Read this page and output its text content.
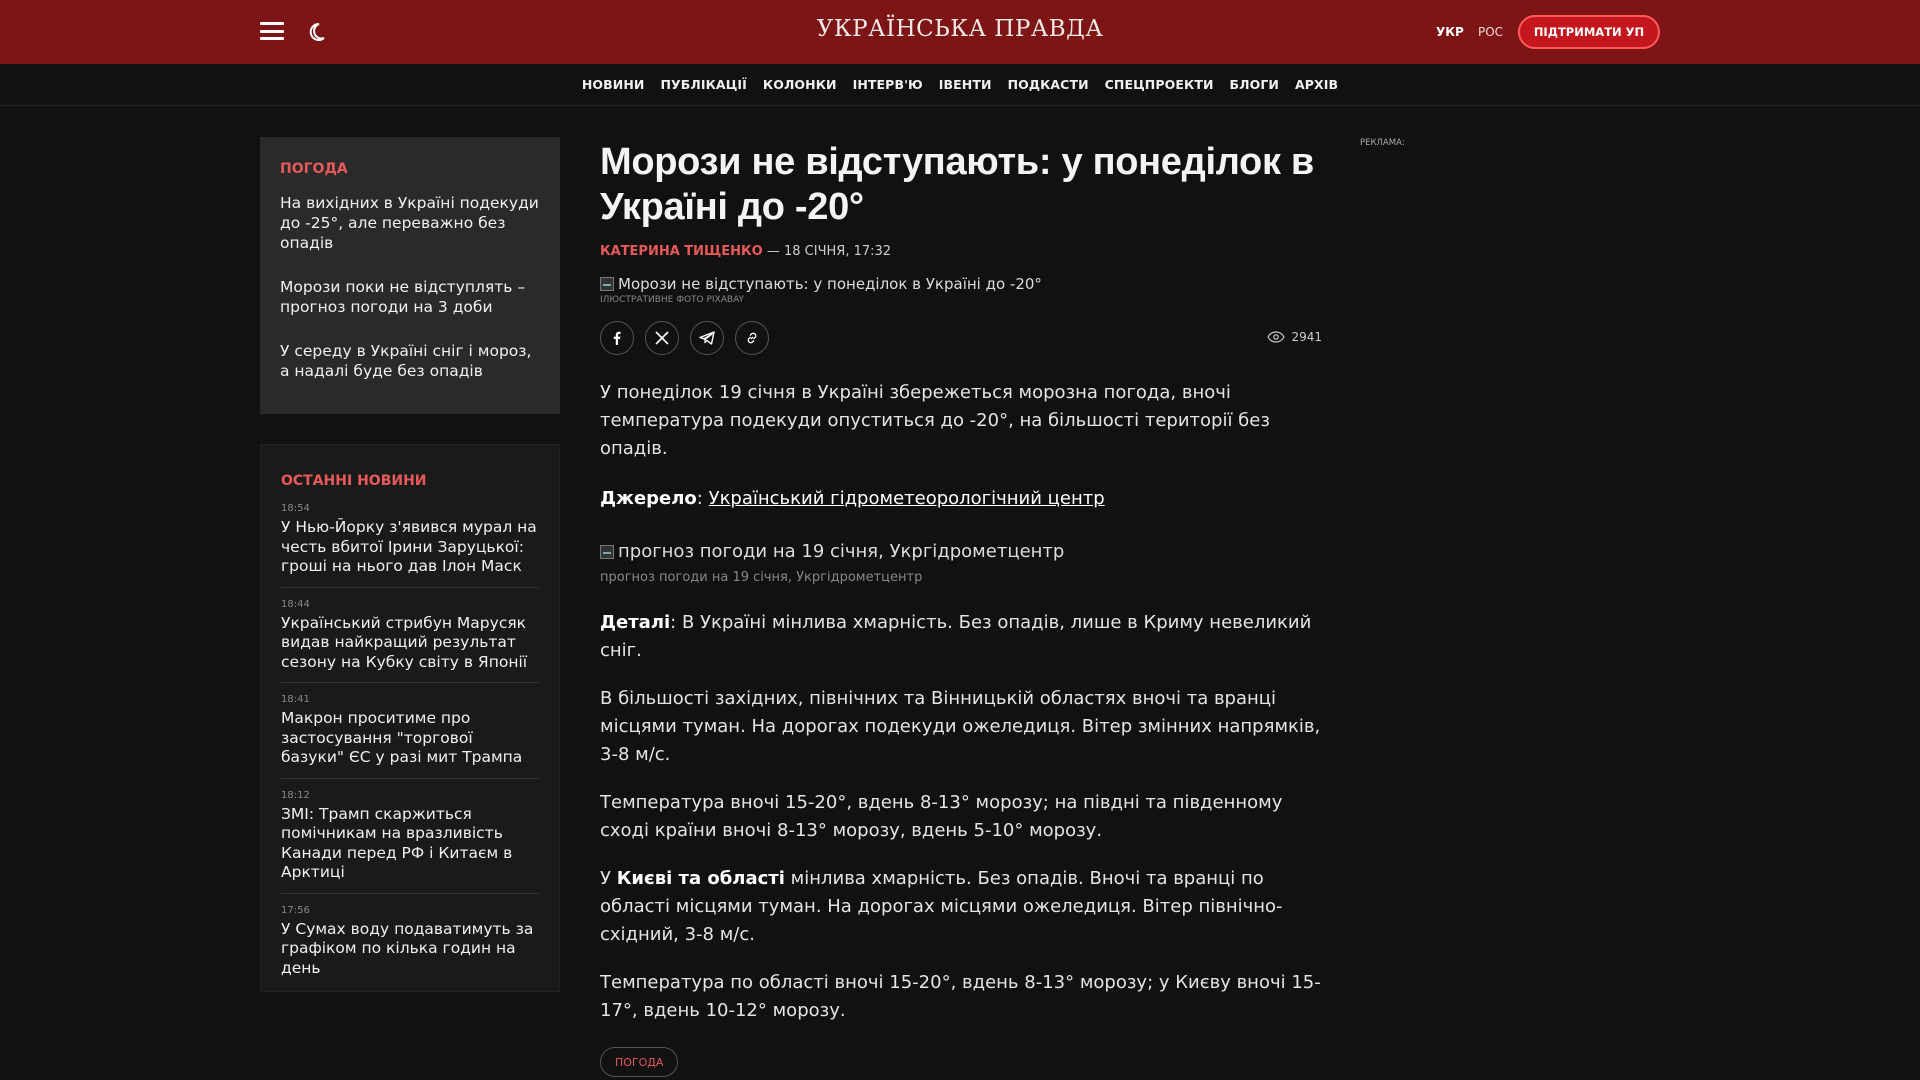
УКРАЇНСЬКА ПРАВДА	УКР РОС	ПІДТРИМАТИ УП
НОВИНИ ПУБЛІКАЦІЇ КОЛОНКИ ІНТЕРВ'Ю ІВЕНТИ ПОДКАСТИ СПЕЦПРОЕКТИ БЛОГИ АРХІВ
ПОГОДА
На вихідних в Україні подекуди до -25°, але переважно без опадів
Морози поки не відступлять – прогноз погоди на 3 доби
У середу в Україні сніг і мороз, а надалі буде без опадів
ОСТАННІ НОВИНИ
18:54
У Нью-Йорку з'явився мурал на честь вбитої Ірини Заруцької: гроші на нього дав Ілон Маск
18:44
Український стрибун Марусяк видав найкращий результат сезону на Кубку світу в Японії
18:41
Макрон проситиме про застосування "торгової базуки" ЄС у разі мит Трампа
18:12
ЗМІ: Трамп скаржиться помічникам на вразливість Канади перед РФ і Китаєм в Арктиці
17:56
У Сумах воду подаватимуть за графіком по кілька годин на день
Морози не відступають: у понеділок в Україні до -20°
КАТЕРИНА ТИЩЕНКО — 18 СІЧНЯ, 17:32
Морози не відступають: у понеділок в Україні до -20°
ІЛЮСТРАТИВНЕ ФОТО PIXABAY

2941

У понеділок 19 січня в Україні збережеться морозна погода, вночі температура подекуди опуститься до -20°, на більшості території без опадів.

Джерело: Український гідрометеорологічний центр

прогноз погоди на 19 січня, Укргідрометцентр
прогноз погоди на 19 січня, Укргідрометцентр

Деталі: В Україні мінлива хмарність. Без опадів, лише в Криму невеликий сніг.

В більшості західних, північних та Вінницькій областях вночі та вранці місцями туман. На дорогах подекуди ожеледиця. Вітер змінних напрямків, 3-8 м/с.

Температура вночі 15-20°, вдень 8-13° морозу; на півдні та південному сході країни вночі 8-13° морозу, вдень 5-10° морозу.

У Києві та області мінлива хмарність. Без опадів. Вночі та вранці по області місцями туман. На дорогах місцями ожеледиця. Вітер північно-східний, 3-8 м/с.

Температура по області вночі 15-20°, вдень 8-13° морозу; у Києву вночі 15-17°, вдень 10-12° морозу.

ПОГОДА
РЕКЛАМА:
